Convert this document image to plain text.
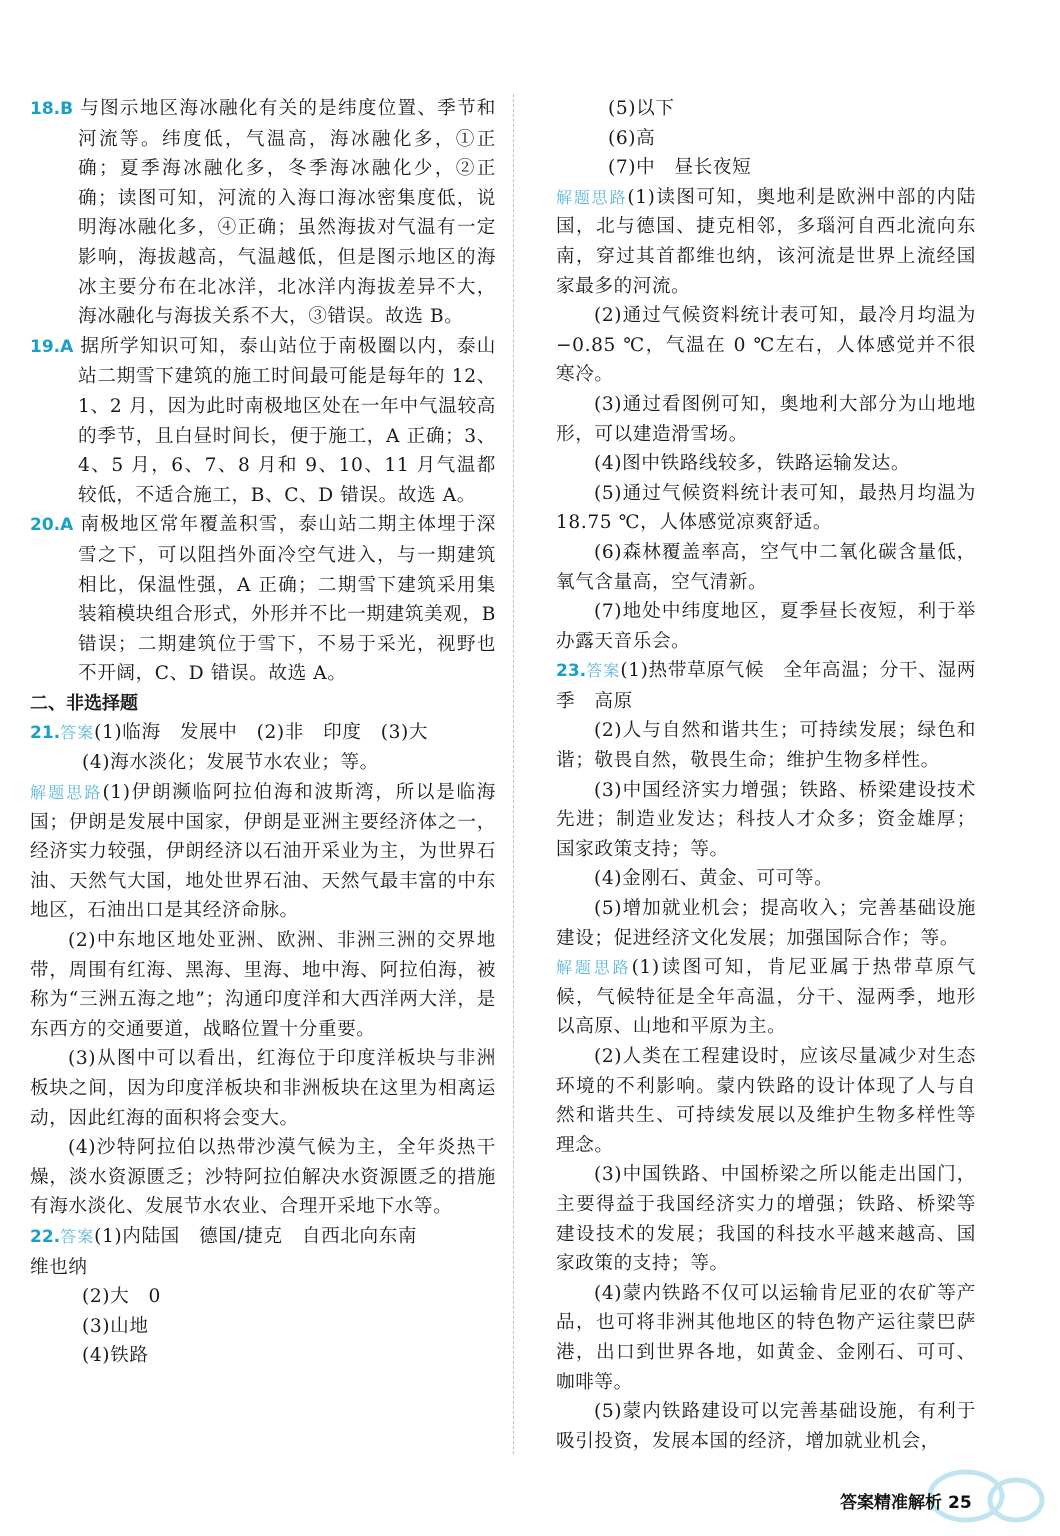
18.B 与图示地区海冰融化有关的是纬度位置、季节和河流等。纬度低，气温高，海冰融化多，①正确；夏季海冰融化多，冬季海冰融化少，②正确；读图可知，河流的入海口海冰密集度低，说明海冰融化多，④正确；虽然海拔对气温有一定影响，海拔越高，气温越低，但是图示地区的海冰主要分布在北冰洋，北冰洋内海拔差异不大，海冰融化与海拔关系不大，③错误。故选 B。

19.A 据所学知识可知，泰山站位于南极圈以内，泰山站二期雪下建筑的施工时间最可能是每年的 12、1、2 月，因为此时南极地区处在一年中气温较高的季节，且白昼时间长，便于施工，A 正确；3、4、5 月，6、7、8 月和 9、10、11 月气温都较低，不适合施工，B、C、D 错误。故选 A。

20.A 南极地区常年覆盖积雪，泰山站二期主体埋于深雪之下，可以阻挡外面冷空气进入，与一期建筑相比，保温性强，A 正确；二期雪下建筑采用集装箱模块组合形式，外形并不比一期建筑美观，B 错误；二期建筑位于雪下，不易于采光，视野也不开阔，C、D 错误。故选 A。

二、非选择题

21.答案(1)临海　发展中　(2)非　印度　(3)大

(4)海水淡化；发展节水农业；等。

解题思路(1)伊朗濒临阿拉伯海和波斯湾，所以是临海国；伊朗是发展中国家，伊朗是亚洲主要经济体之一，经济实力较强，伊朗经济以石油开采业为主，为世界石油、天然气大国，地处世界石油、天然气最丰富的中东地区，石油出口是其经济命脉。

(2)中东地区地处亚洲、欧洲、非洲三洲的交界地带，周围有红海、黑海、里海、地中海、阿拉伯海，被称为“三洲五海之地”；沟通印度洋和大西洋两大洋，是东西方的交通要道，战略位置十分重要。

(3)从图中可以看出，红海位于印度洋板块与非洲板块之间，因为印度洋板块和非洲板块在这里为相离运动，因此红海的面积将会变大。

(4)沙特阿拉伯以热带沙漠气候为主，全年炎热干燥，淡水资源匮乏；沙特阿拉伯解决水资源匮乏的措施有海水淡化、发展节水农业、合理开采地下水等。

22.答案(1)内陆国　德国/捷克　自西北向东南

维也纳

(2)大　0

(3)山地

(4)铁路

(5)以下

(6)高

(7)中　昼长夜短

解题思路(1)读图可知，奥地利是欧洲中部的内陆国，北与德国、捷克相邻，多瑙河自西北流向东南，穿过其首都维也纳，该河流是世界上流经国家最多的河流。

(2)通过气候资料统计表可知，最冷月均温为−0.85 ℃，气温在 0 ℃左右，人体感觉并不很寒冷。

(3)通过看图例可知，奥地利大部分为山地地形，可以建造滑雪场。

(4)图中铁路线较多，铁路运输发达。

(5)通过气候资料统计表可知，最热月均温为 18.75 ℃，人体感觉凉爽舒适。

(6)森林覆盖率高，空气中二氧化碳含量低，氧气含量高，空气清新。

(7)地处中纬度地区，夏季昼长夜短，利于举办露天音乐会。

23.答案(1)热带草原气候　全年高温；分干、湿两季　高原

(2)人与自然和谐共生；可持续发展；绿色和谐；敬畏自然，敬畏生命；维护生物多样性。

(3)中国经济实力增强；铁路、桥梁建设技术先进；制造业发达；科技人才众多；资金雄厚；国家政策支持；等。

(4)金刚石、黄金、可可等。

(5)增加就业机会；提高收入；完善基础设施建设；促进经济文化发展；加强国际合作；等。

解题思路(1)读图可知，肯尼亚属于热带草原气候，气候特征是全年高温，分干、湿两季，地形以高原、山地和平原为主。

(2)人类在工程建设时，应该尽量减少对生态环境的不利影响。蒙内铁路的设计体现了人与自然和谐共生、可持续发展以及维护生物多样性等理念。

(3)中国铁路、中国桥梁之所以能走出国门，主要得益于我国经济实力的增强；铁路、桥梁等建设技术的发展；我国的科技水平越来越高、国家政策的支持；等。

(4)蒙内铁路不仅可以运输肯尼亚的农矿等产品，也可将非洲其他地区的特色物产运往蒙巴萨港，出口到世界各地，如黄金、金刚石、可可、咖啡等。

(5)蒙内铁路建设可以完善基础设施，有利于吸引投资，发展本国的经济，增加就业机会，

答案精准解析 25
